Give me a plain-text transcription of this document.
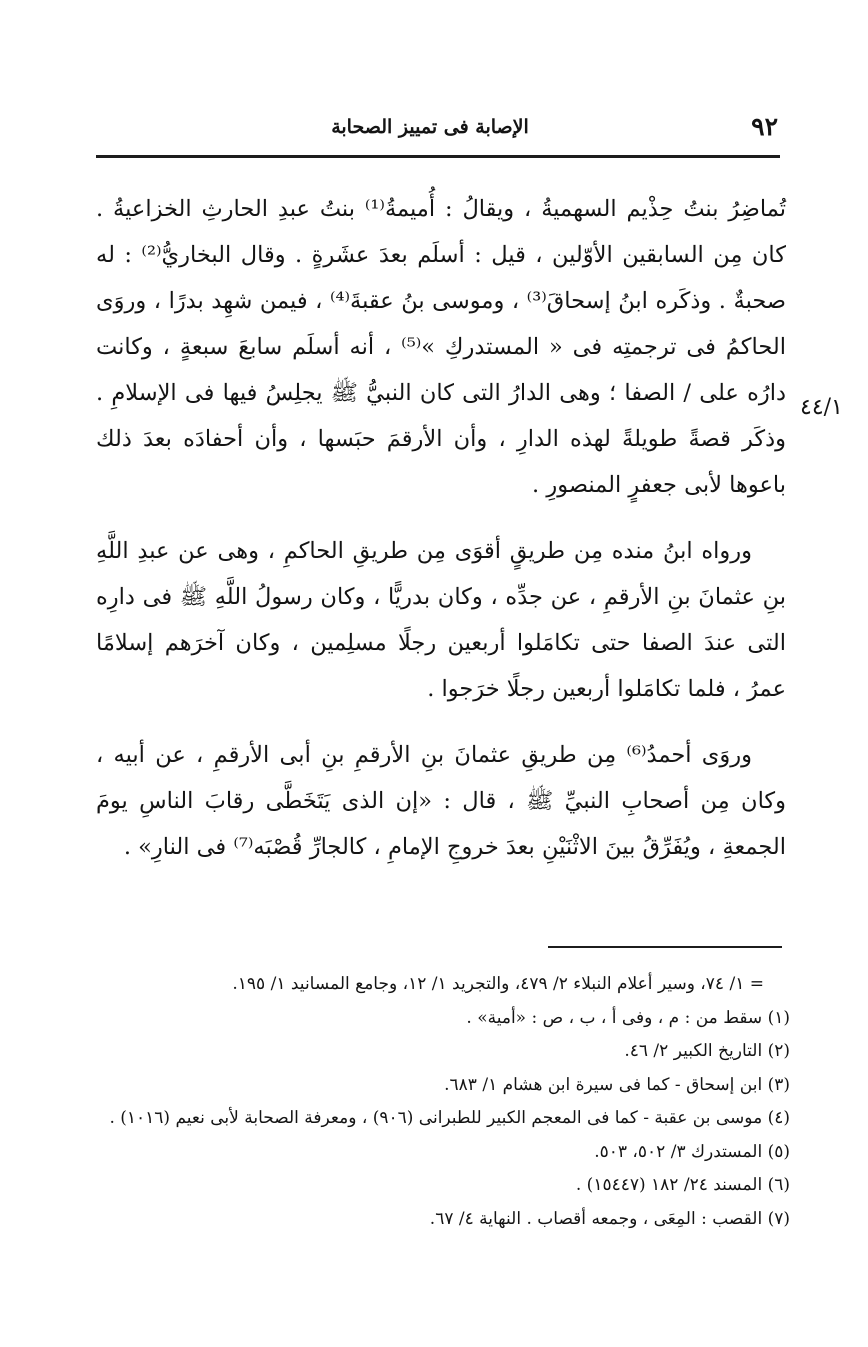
٩٢
الإصابة فى تمييز الصحابة
٤٤/١

تُماضِرُ بنتُ حِذْيم السهميةُ ، ويقالُ : أُميمةُ⁽¹⁾ بنتُ عبدِ الحارثِ الخزاعيةُ . كان مِن السابقين الأوّلين ، قيل : أسلَم بعدَ عشَرةٍ . وقال البخاريُّ⁽²⁾ : له صحبةٌ . وذكَره ابنُ إسحاقَ⁽³⁾ ، وموسى بنُ عقبةَ⁽⁴⁾ ، فيمن شهِد بدرًا ، وروَى الحاكمُ فى ترجمتِه فى « المستدركِ »⁽⁵⁾ ، أنه أسلَم سابعَ سبعةٍ ، وكانت دارُه على / الصفا ؛ وهى الدارُ التى كان النبيُّ ﷺ يجلِسُ فيها فى الإسلامِ . وذكَر قصةً طويلةً لهذه الدارِ ، وأن الأرقمَ حبَسها ، وأن أحفادَه بعدَ ذلك باعوها لأبى جعفرٍ المنصورِ .

ورواه ابنُ منده مِن طريقٍ أقوَى مِن طريقِ الحاكمِ ، وهى عن عبدِ اللَّهِ بنِ عثمانَ بنِ الأرقمِ ، عن جدِّه ، وكان بدريًّا ، وكان رسولُ اللَّهِ ﷺ فى دارِه التى عندَ الصفا حتى تكامَلوا أربعين رجلًا مسلِمين ، وكان آخرَهم إسلامًا عمرُ ، فلما تكامَلوا أربعين رجلًا خرَجوا .

وروَى أحمدُ⁽⁶⁾ مِن طريقِ عثمانَ بنِ الأرقمِ بنِ أبى الأرقمِ ، عن أبيه ، وكان مِن أصحابِ النبيِّ ﷺ ، قال : «إن الذى يَتَخَطَّى رقابَ الناسِ يومَ الجمعةِ ، ويُفَرِّقُ بينَ الاثْنَيْنِ بعدَ خروجِ الإمامِ ، كالجارِّ قُصْبَه⁽⁷⁾ فى النارِ» .

= ١/ ٧٤، وسير أعلام النبلاء ٢/ ٤٧٩، والتجريد ١/ ١٢، وجامع المسانيد ١/ ١٩٥.
(١) سقط من : م ، وفى أ ، ب ، ص : «أمية» .
(٢) التاريخ الكبير ٢/ ٤٦.
(٣) ابن إسحاق - كما فى سيرة ابن هشام ١/ ٦٨٣.
(٤) موسى بن عقبة - كما فى المعجم الكبير للطبرانى (٩٠٦) ، ومعرفة الصحابة لأبى نعيم (١٠١٦) .
(٥) المستدرك ٣/ ٥٠٢، ٥٠٣.
(٦) المسند ٢٤/ ١٨٢ (١٥٤٤٧) .
(٧) القصب : المِعَى ، وجمعه أقصاب . النهاية ٤/ ٦٧.
